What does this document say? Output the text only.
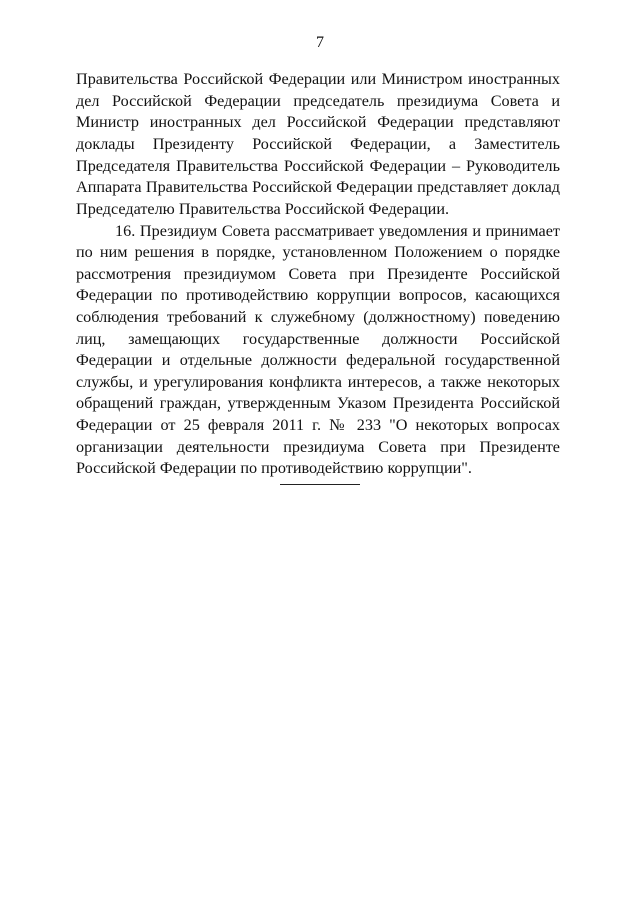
7
Правительства Российской Федерации или Министром иностранных
дел Российской Федерации председатель президиума Совета и
Министр иностранных дел Российской Федерации представляют
доклады Президенту Российской Федерации, а Заместитель
Председателя Правительства Российской Федерации – Руководитель
Аппарата Правительства Российской Федерации представляет доклад
Председателю Правительства Российской Федерации.
16. Президиум Совета рассматривает уведомления и принимает
по ним решения в порядке, установленном Положением о порядке
рассмотрения президиумом Совета при Президенте Российской
Федерации по противодействию коррупции вопросов, касающихся
соблюдения требований к служебному (должностному) поведению
лиц, замещающих государственные должности Российской
Федерации и отдельные должности федеральной государственной
службы, и урегулирования конфликта интересов, а также некоторых
обращений граждан, утвержденным Указом Президента Российской
Федерации от 25 февраля 2011 г. № 233 "О некоторых вопросах
организации деятельности президиума Совета при Президенте
Российской Федерации по противодействию коррупции".
